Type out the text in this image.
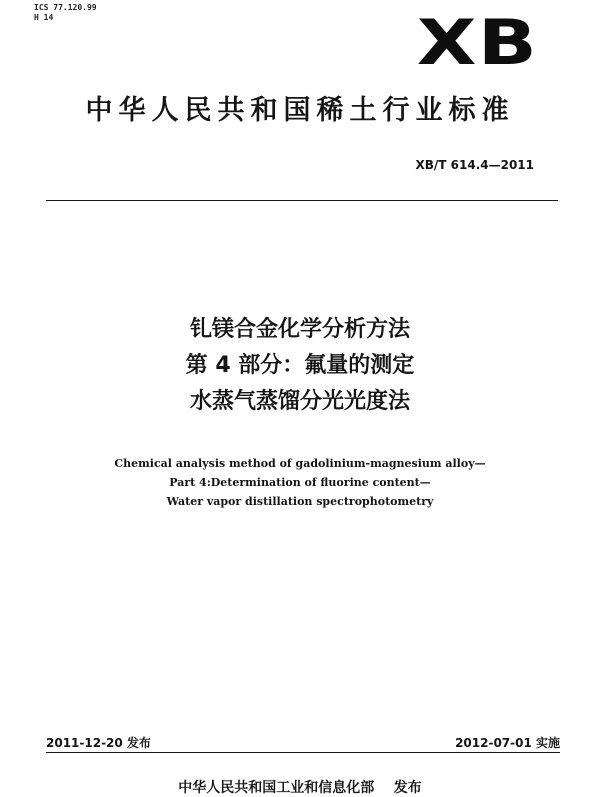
ICS 77.120.99
H 14	XB
中华人民共和国稀土行业标准
XB/T 614.4—2011
钆镁合金化学分析方法
第 4 部分：氟量的测定
水蒸气蒸馏分光光度法
Chemical analysis method of gadolinium-magnesium alloy—
Part 4:Determination of fluorine content—
Water vapor distillation spectrophotometry
2011-12-20 发布	2012-07-01 实施
中华人民共和国工业和信息化部    发布
